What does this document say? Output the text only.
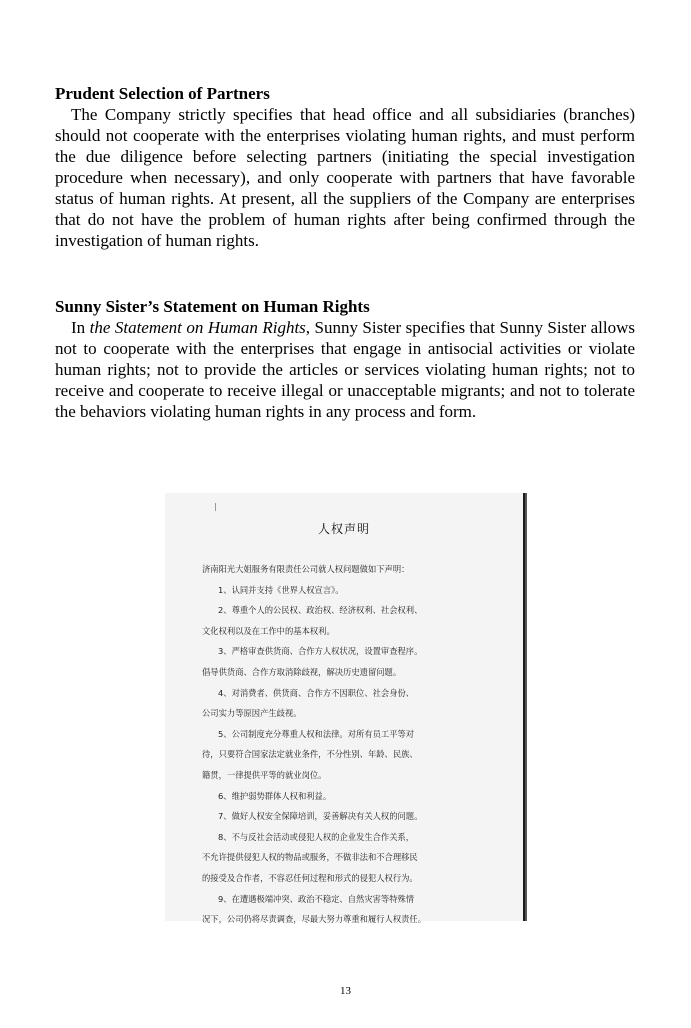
Prudent Selection of Partners

The Company strictly specifies that head office and all subsidiaries (branches) should not cooperate with the enterprises violating human rights, and must perform the due diligence before selecting partners (initiating the special investigation procedure when necessary), and only cooperate with partners that have favorable status of human rights. At present, all the suppliers of the Company are enterprises that do not have the problem of human rights after being confirmed through the investigation of human rights.

Sunny Sister’s Statement on Human Rights

In the Statement on Human Rights, Sunny Sister specifies that Sunny Sister allows not to cooperate with the enterprises that engage in antisocial activities or violate human rights; not to provide the articles or services violating human rights; not to receive and cooperate to receive illegal or unacceptable migrants; and not to tolerate the behaviors violating human rights in any process and form.

人权声明
济南阳光大姐服务有限责任公司就人权问题做如下声明：
1、认同并支持《世界人权宣言》。
2、尊重个人的公民权、政治权、经济权利、社会权利、
文化权利以及在工作中的基本权利。
3、严格审查供货商、合作方人权状况，设置审查程序。
倡导供货商、合作方取消除歧视，解决历史遗留问题。
4、对消费者、供货商、合作方不因职位、社会身份、
公司实力等原因产生歧视。
5、公司制度充分尊重人权和法律。对所有员工平等对
待，只要符合国家法定就业条件，不分性别、年龄、民族、
籍贯，一律提供平等的就业岗位。
6、维护弱势群体人权和利益。
7、做好人权安全保障培训，妥善解决有关人权的问题。
8、不与反社会活动或侵犯人权的企业发生合作关系，
不允许提供侵犯人权的物品或服务，不做非法和不合理移民
的接受及合作者，不容忍任何过程和形式的侵犯人权行为。
9、在遭遇极端冲突、政治不稳定、自然灾害等特殊情
况下，公司仍将尽责调查，尽最大努力尊重和履行人权责任。
13
